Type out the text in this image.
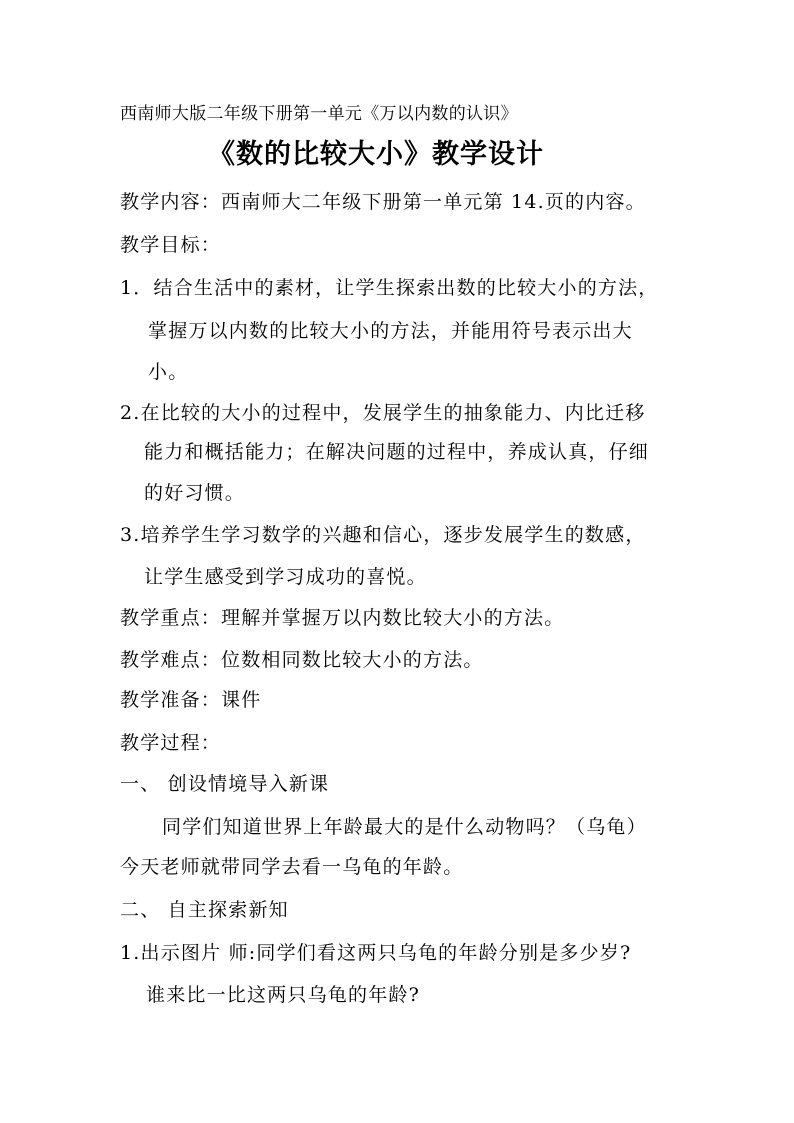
西南师大版二年级下册第一单元《万以内数的认识》
《数的比较大小》教学设计
教学内容：西南师大二年级下册第一单元第 14.页的内容。
教学目标：
1．结合生活中的素材，让学生探索出数的比较大小的方法，
掌握万以内数的比较大小的方法，并能用符号表示出大
小。
2.在比较的大小的过程中，发展学生的抽象能力、内比迁移
能力和概括能力；在解决问题的过程中，养成认真，仔细
的好习惯。
3.培养学生学习数学的兴趣和信心，逐步发展学生的数感，
让学生感受到学习成功的喜悦。
教学重点：理解并掌握万以内数比较大小的方法。
教学难点：位数相同数比较大小的方法。
教学准备：课件
教学过程：
一、 创设情境导入新课
同学们知道世界上年龄最大的是什么动物吗？（乌龟）
今天老师就带同学去看一乌龟的年龄。
二、 自主探索新知
1.出示图片 师:同学们看这两只乌龟的年龄分别是多少岁?
谁来比一比这两只乌龟的年龄?
